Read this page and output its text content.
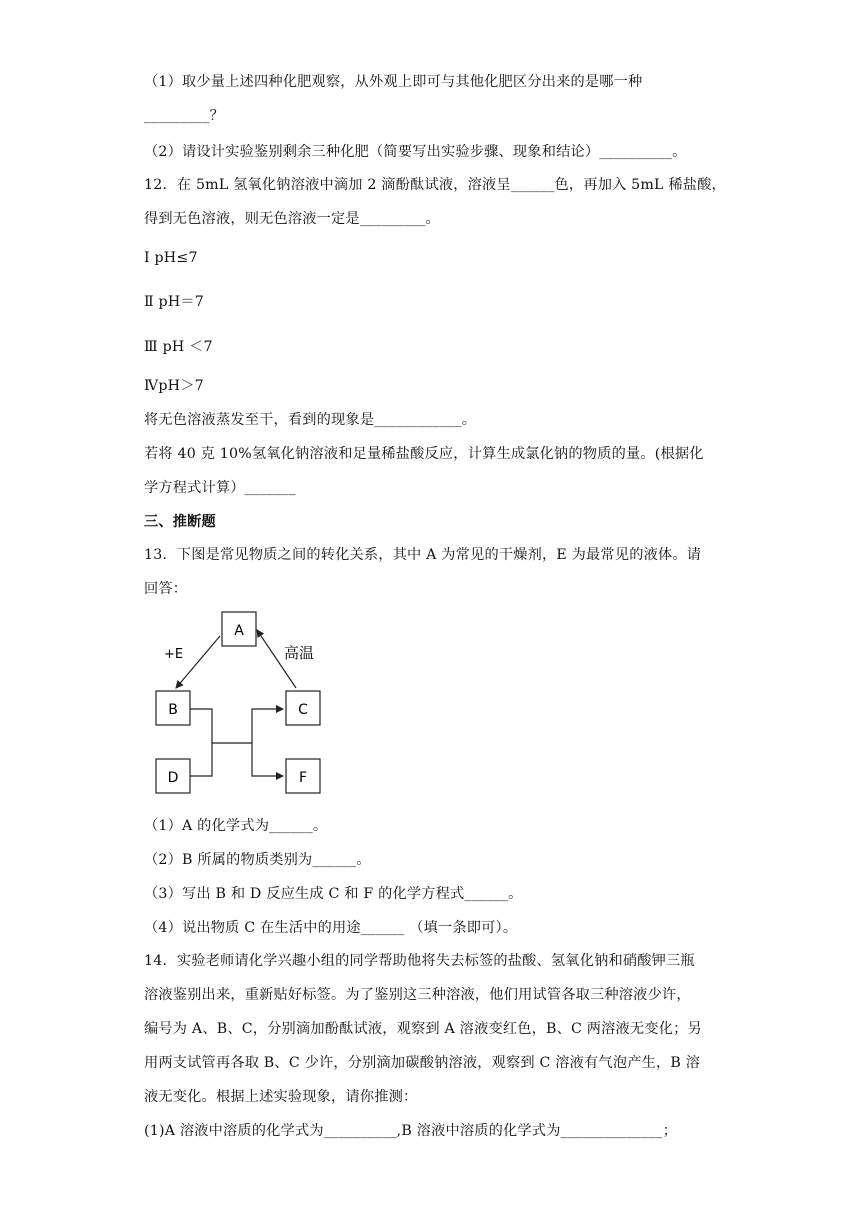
（1）取少量上述四种化肥观察，从外观上即可与其他化肥区分出来的是哪一种
_________？
（2）请设计实验鉴别剩余三种化肥（简要写出实验步骤、现象和结论）__________。
12．在 5mL 氢氧化钠溶液中滴加 2 滴酚酞试液，溶液呈______色，再加入 5mL 稀盐酸，
得到无色溶液，则无色溶液一定是_________。
Ⅰ pH≤7
Ⅱ pH＝7
Ⅲ pH ＜7
ⅣpH＞7
将无色溶液蒸发至干，看到的现象是____________。
若将 40 克 10%氢氧化钠溶液和足量稀盐酸反应，计算生成氯化钠的物质的量。(根据化
学方程式计算）_______
三、推断题
13．下图是常见物质之间的转化关系，其中 A 为常见的干燥剂，E 为最常见的液体。请
回答：
A
B	C
D	F
+E	高温
（1）A 的化学式为______。
（2）B 所属的物质类别为______。
（3）写出 B 和 D 反应生成 C 和 F 的化学方程式______。
（4）说出物质 C 在生活中的用途______ （填一条即可）。
14．实验老师请化学兴趣小组的同学帮助他将失去标签的盐酸、氢氧化钠和硝酸钾三瓶
溶液鉴别出来，重新贴好标签。为了鉴别这三种溶液，他们用试管各取三种溶液少许，
编号为 A、B、C，分别滴加酚酞试液，观察到 A 溶液变红色，B、C 两溶液无变化；另
用两支试管再各取 B、C 少许，分别滴加碳酸钠溶液，观察到 C 溶液有气泡产生，B 溶
液无变化。根据上述实验现象，请你推测：
(1)A 溶液中溶质的化学式为__________,B 溶液中溶质的化学式为______________；
